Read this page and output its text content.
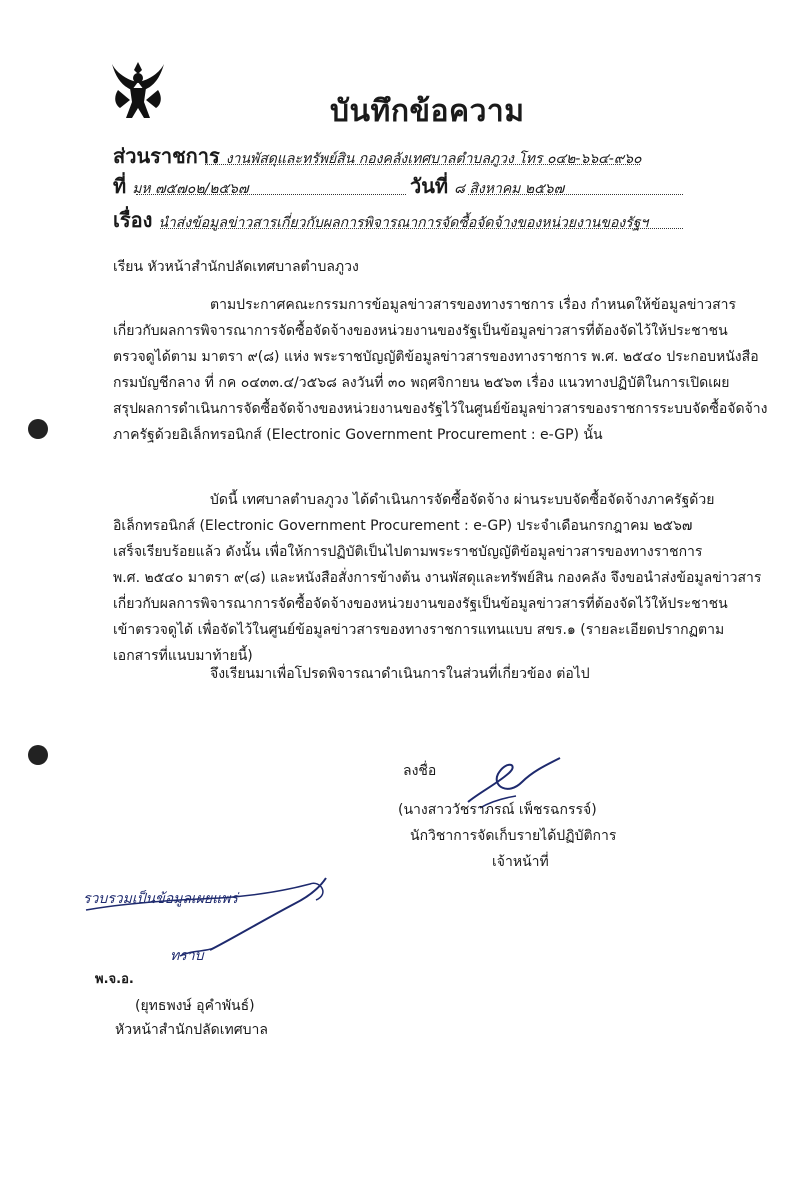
บันทึกข้อความ
ส่วนราชการ งานพัสดุและทรัพย์สิน กองคลังเทศบาลตำบลภูวง โทร ๐๔๒-๖๖๔-๙๖๐
ที่ มห ๗๕๗๐๒/๒๕๖๗	วันที่ ๘ สิงหาคม ๒๕๖๗
เรื่อง นำส่งข้อมูลข่าวสารเกี่ยวกับผลการพิจารณาการจัดซื้อจัดจ้างของหน่วยงานของรัฐฯ
เรียน หัวหน้าสำนักปลัดเทศบาลตำบลภูวง
ตามประกาศคณะกรรมการข้อมูลข่าวสารของทางราชการ เรื่อง กำหนดให้ข้อมูลข่าวสาร
เกี่ยวกับผลการพิจารณาการจัดซื้อจัดจ้างของหน่วยงานของรัฐเป็นข้อมูลข่าวสารที่ต้องจัดไว้ให้ประชาชน
ตรวจดูได้ตาม มาตรา ๙(๘) แห่ง พระราชบัญญัติข้อมูลข่าวสารของทางราชการ พ.ศ. ๒๕๔๐ ประกอบหนังสือ
กรมบัญชีกลาง ที่ กค ๐๔๓๓.๔/ว๕๖๘ ลงวันที่ ๓๐ พฤศจิกายน ๒๕๖๓ เรื่อง แนวทางปฏิบัติในการเปิดเผย
สรุปผลการดำเนินการจัดซื้อจัดจ้างของหน่วยงานของรัฐไว้ในศูนย์ข้อมูลข่าวสารของราชการระบบจัดซื้อจัดจ้าง
ภาครัฐด้วยอิเล็กทรอนิกส์ (Electronic Government Procurement : e-GP) นั้น
บัดนี้ เทศบาลตำบลภูวง ได้ดำเนินการจัดซื้อจัดจ้าง ผ่านระบบจัดซื้อจัดจ้างภาครัฐด้วย
อิเล็กทรอนิกส์ (Electronic Government Procurement : e-GP) ประจำเดือนกรกฎาคม ๒๕๖๗
เสร็จเรียบร้อยแล้ว ดังนั้น เพื่อให้การปฏิบัติเป็นไปตามพระราชบัญญัติข้อมูลข่าวสารของทางราชการ
พ.ศ. ๒๕๔๐ มาตรา ๙(๘) และหนังสือสั่งการข้างต้น งานพัสดุและทรัพย์สิน กองคลัง จึงขอนำส่งข้อมูลข่าวสาร
เกี่ยวกับผลการพิจารณาการจัดซื้อจัดจ้างของหน่วยงานของรัฐเป็นข้อมูลข่าวสารที่ต้องจัดไว้ให้ประชาชน
เข้าตรวจดูได้ เพื่อจัดไว้ในศูนย์ข้อมูลข่าวสารของทางราชการแทนแบบ สขร.๑ (รายละเอียดปรากฏตาม
เอกสารที่แนบมาท้ายนี้)
จึงเรียนมาเพื่อโปรดพิจารณาดำเนินการในส่วนที่เกี่ยวข้อง ต่อไป
ลงชื่อ
(นางสาววัชราภรณ์ เพ็ชรฉกรรจ์)
นักวิชาการจัดเก็บรายได้ปฏิบัติการ
เจ้าหน้าที่
รวบรวมเป็นข้อมูลเผยแพร่
ทราบ
พ.จ.อ.
(ยุทธพงษ์ อุคำพันธ์)
หัวหน้าสำนักปลัดเทศบาล
